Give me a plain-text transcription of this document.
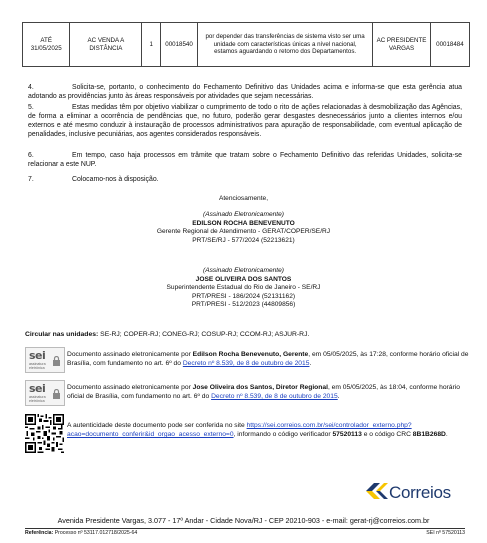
ATÉ 31/05/2025	AC VENDA A DISTÂNCIA	1	00018540	por depender das transferências de sistema visto ser uma unidade com características únicas a nível nacional, estamos aguardando o retorno dos Departamentos.	AC PRESIDENTE VARGAS	00018484

4.	Solicita-se, portanto, o conhecimento do Fechamento Definitivo das Unidades acima e informa-se que esta gerência atua adotando as providências junto às áreas responsáveis por atividades que sejam necessárias.

5.	Estas medidas têm por objetivo viabilizar o cumprimento de todo o rito de ações relacionadas à desmobilização das Agências, de forma a eliminar a ocorrência de pendências que, no futuro, poderão gerar desgastes desnecessários junto a clientes internos e/ou externos e até mesmo conduzir à instauração de processos administrativos para apuração de responsabilidade, com eventual aplicação de penalidades, inclusive pecuniárias, aos agentes considerados responsáveis.

6.	Em tempo, caso haja processos em trâmite que tratam sobre o Fechamento Definitivo das referidas Unidades, solicita-se relacionar a este NUP.

7.	Colocamo-nos à disposição.

Atenciosamente,
(Assinado Eletronicamente)
EDILSON ROCHA BENEVENUTO
Gerente Regional de Atendimento - GERAT/COPER/SE/RJ
PRT/SE/RJ - 577/2024 (52213621)
(Assinado Eletronicamente)
JOSE OLIVEIRA DOS SANTOS
Superintendente Estadual do Rio de Janeiro - SE/RJ
PRT/PRESI - 186/2024 (52131162)
PRT/PRESI - 512/2023 (44809856)
Circular nas unidades: SE-RJ; COPER-RJ; CONEG-RJ; COSUP-RJ; CCOM-RJ; ASJUR-RJ.
sei
assinatura
eletrônica
Documento assinado eletronicamente por Edilson Rocha Benevenuto, Gerente, em 05/05/2025, às 17:28, conforme horário oficial de Brasília, com fundamento no art. 6º do Decreto nº 8.539, de 8 de outubro de 2015.
sei
assinatura
eletrônica
Documento assinado eletronicamente por Jose Oliveira dos Santos, Diretor Regional, em 05/05/2025, às 18:04, conforme horário oficial de Brasília, com fundamento no art. 6º do Decreto nº 8.539, de 8 de outubro de 2015.
A autenticidade deste documento pode ser conferida no site https://sei.correios.com.br/sei/controlador_externo.php?acao=documento_conferir&id_orgao_acesso_externo=0, informando o código verificador 57520113 e o código CRC 8B1B268D.
Correios
Avenida Presidente Vargas, 3.077 - 17º Andar - Cidade Nova/RJ - CEP 20210-903 - e-mail: gerat-rj@correios.com.br
Referência: Processo nº 53117.012718/2025-64	SEI nº 57520113
